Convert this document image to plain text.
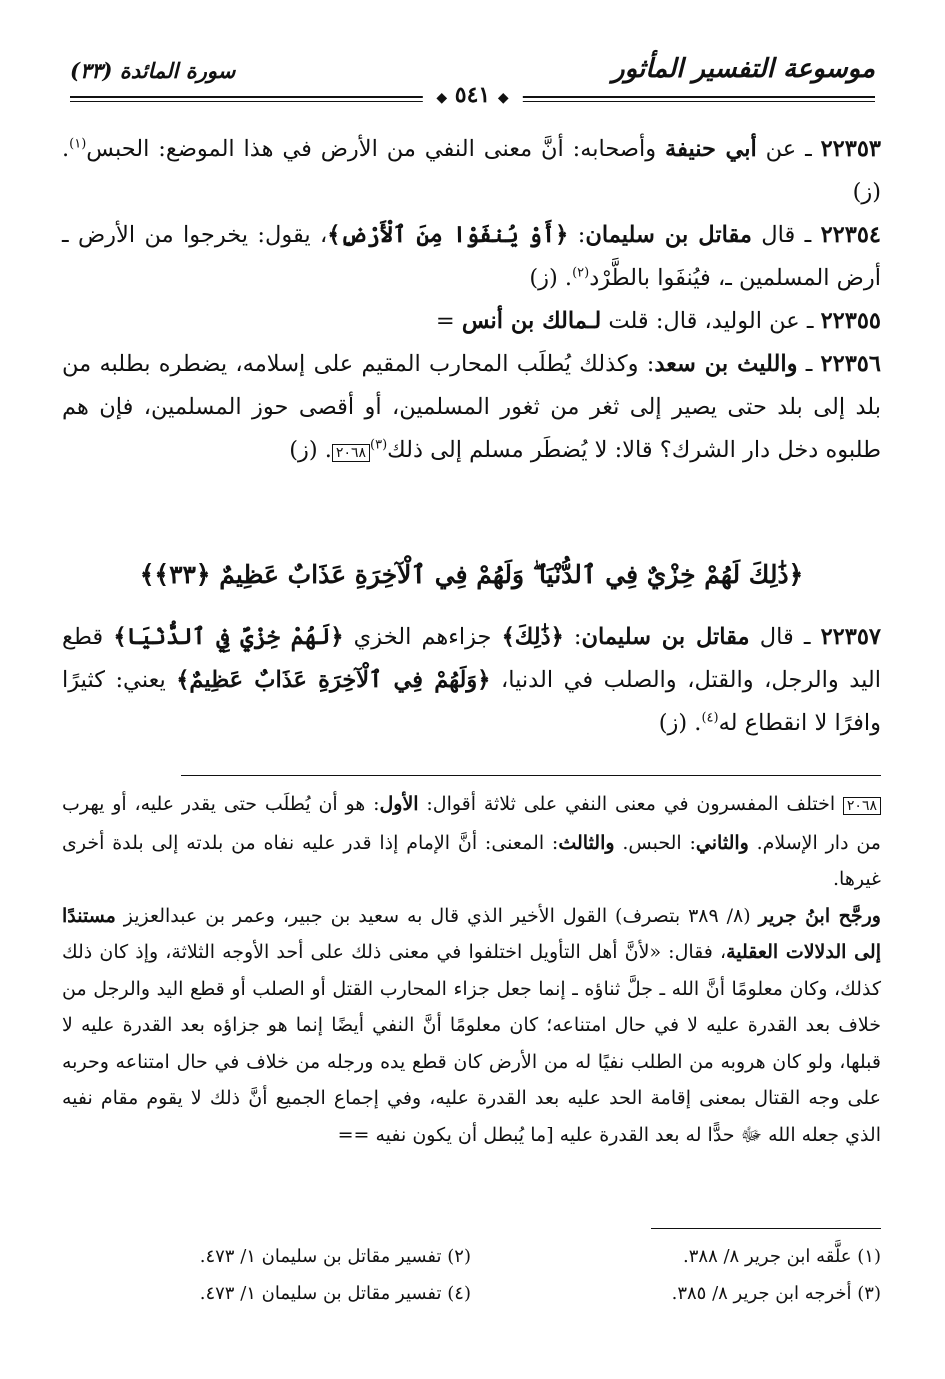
موسوعة التفسير المأثور
سورة المائدة (٣٣)
◆ ٥٤١ ◆

٢٢٣٥٣ ـ عن أبي حنيفة وأصحابه: أنَّ معنى النفي من الأرض في هذا الموضع: الحبس$^{(١)}$. (ز)

٢٢٣٥٤ ـ قال مقاتل بن سليمان: ﴿أَوْ يُنفَوْا مِنَ ٱلْأَرْضِ﴾، يقول: يخرجوا من الأرض ـ أرض المسلمين ـ، فيُنفَوا بالطَّرْد$^{(٢)}$. (ز)

٢٢٣٥٥ ـ عن الوليد، قال: قلت لـمالك بن أنس =

٢٢٣٥٦ ـ والليث بن سعد: وكذلك يُطلَب المحارب المقيم على إسلامه، يضطره بطلبه من بلد إلى بلد حتى يصير إلى ثغر من ثغور المسلمين، أو أقصى حوز المسلمين، فإن هم طلبوه دخل دار الشرك؟ قالا: لا يُضطَر مسلم إلى ذلك$^{(٣)}$٢٠٦٨. (ز)

﴿ذَٰلِكَ لَهُمْ خِزْيٌ فِي ٱلدُّنْيَا ۖ وَلَهُمْ فِي ٱلْآخِرَةِ عَذَابٌ عَظِيمٌ ﴿٣٣﴾﴾

٢٢٣٥٧ ـ قال مقاتل بن سليمان: ﴿ذَٰلِكَ﴾ جزاءهم الخزي ﴿لَهُمْ خِزْيٌ فِي ٱلدُّنْيَا﴾ قطع اليد والرجل، والقتل، والصلب في الدنيا، ﴿وَلَهُمْ فِي ٱلْآخِرَةِ عَذَابٌ عَظِيمٌ﴾ يعني: كثيرًا وافرًا لا انقطاع له$^{(٤)}$. (ز)

٢٠٦٨ اختلف المفسرون في معنى النفي على ثلاثة أقوال: الأول: هو أن يُطلَب حتى يقدر عليه، أو يهرب من دار الإسلام. والثاني: الحبس. والثالث: المعنى: أنَّ الإمام إذا قدر عليه نفاه من بلدته إلى بلدة أخرى غيرها.

ورجَّح ابنُ جرير (٨/ ٣٨٩ بتصرف) القول الأخير الذي قال به سعيد بن جبير، وعمر بن عبدالعزيز مستندًا إلى الدلالات العقلية، فقال: «لأنَّ أهل التأويل اختلفوا في معنى ذلك على أحد الأوجه الثلاثة، وإذ كان ذلك كذلك، وكان معلومًا أنَّ الله ـ جلَّ ثناؤه ـ إنما جعل جزاء المحارب القتل أو الصلب أو قطع اليد والرجل من خلاف بعد القدرة عليه لا في حال امتناعه؛ كان معلومًا أنَّ النفي أيضًا إنما هو جزاؤه بعد القدرة عليه لا قبلها، ولو كان هروبه من الطلب نفيًا له من الأرض كان قطع يده ورجله من خلاف في حال امتناعه وحربه على وجه القتال بمعنى إقامة الحد عليه بعد القدرة عليه، وفي إجماع الجميع أنَّ ذلك لا يقوم مقام نفيه الذي جعله الله ﷻ حدًّا له بعد القدرة عليه [ما يُبطل أن يكون نفيه ==

(١) علَّقه ابن جرير ٨/ ٣٨٨.
(٢) تفسير مقاتل بن سليمان ١/ ٤٧٣.
(٣) أخرجه ابن جرير ٨/ ٣٨٥.
(٤) تفسير مقاتل بن سليمان ١/ ٤٧٣.
